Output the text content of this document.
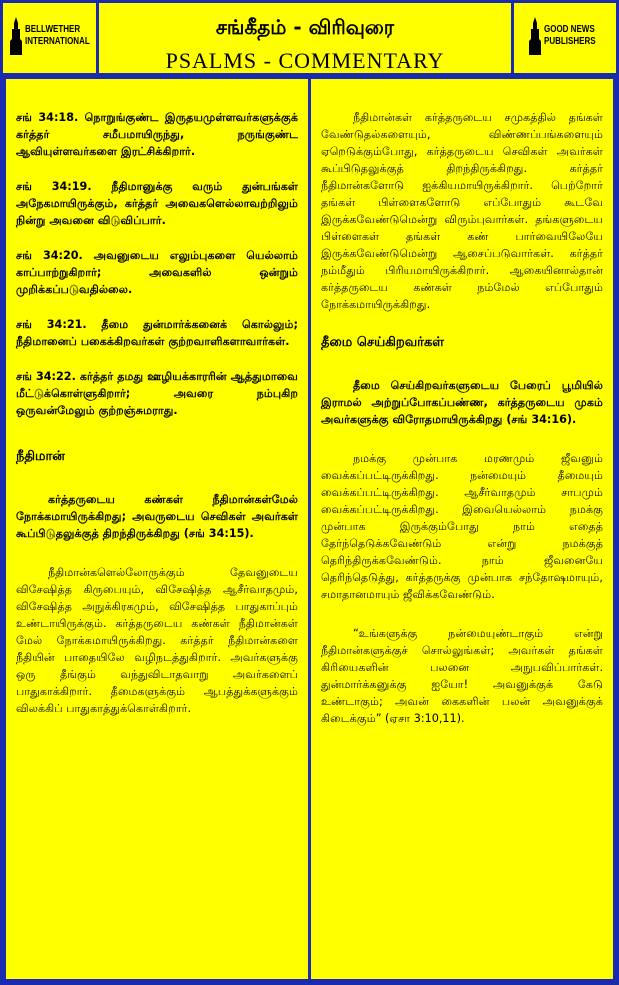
BELLWETHER
INTERNATIONAL
சங்கீதம் - விரிவுரை
PSALMS - COMMENTARY
GOOD NEWS
PUBLISHERS

சங் 34:18. நொறுங்குண்ட இருதயமுள்ளவர்களுக்குக் கர்த்தர் சமீபமாயிருந்து, நருங்குண்ட ஆவியுள்ளவர்களை இரட்சிக்கிறார்.

சங் 34:19. நீதிமானுக்கு வரும் துன்பங்கள் அநேகமாயிருக்கும், கர்த்தர் அவைகளெல்லாவற்றிலும் நின்று அவனை விடுவிப்பார்.

சங் 34:20. அவனுடைய எலும்புகளை யெல்லாம் காப்பாற்றுகிறார்; அவைகளில் ஒன்றும் முறிக்கப்படுவதில்லை.

சங் 34:21. தீமை துன்மார்க்கனைக் கொல்லும்; நீதிமானைப் பகைக்கிறவர்கள் குற்றவாளிகளாவார்கள்.

சங் 34:22. கர்த்தர் தமது ஊழியக்காரரின் ஆத்துமாவை மீட்டுக்கொள்ளுகிறார்; அவரை நம்புகிற ஒருவன்மேலும் குற்றஞ்சுமராது.

நீதிமான்

கர்த்தருடைய கண்கள் நீதிமான்கள்மேல் நோக்கமாயிருக்கிறது; அவருடைய செவிகள் அவர்கள் கூப்பிடுதலுக்குத் திறந்திருக்கிறது (சங் 34:15).

நீதிமான்களெல்லோருக்கும் தேவனுடைய விசேஷித்த கிருபையும், விசேஷித்த ஆசீர்வாதமும், விசேஷித்த அநுக்கிரகமும், விசேஷித்த பாதுகாப்பும் உண்டாயிருக்கும். கர்த்தருடைய கண்கள் நீதிமான்கள் மேல் நோக்கமாயிருக்கிறது. கர்த்தர் நீதிமான்களை நீதியின் பாதையிலே வழிநடத்துகிறார். அவர்களுக்கு ஒரு தீங்கும் வந்துவிடாதவாறு அவர்களைப் பாதுகாக்கிறார். தீமைகளுக்கும் ஆபத்துக்களுக்கும் விலக்கிப் பாதுகாத்துக்கொள்கிறார்.

நீதிமான்கள் கர்த்தருடைய சமுகத்தில் தங்கள் வேண்டுதல்களையும், விண்ணப்பங்களையும் ஏறெடுக்கும்போது, கர்த்தருடைய செவிகள் அவர்கள் கூப்பிடுதலுக்குத் திறந்திருக்கிறது. கர்த்தர் நீதிமான்களோடு ஐக்கியமாயிருக்கிறார். பெற்றோர் தங்கள் பிள்ளைகளோடு எப்போதும் கூடவே இருக்கவேண்டுமென்று விரும்புவார்கள். தங்களுடைய பிள்ளைகள் தங்கள் கண் பார்வையிலேயே இருக்கவேண்டுமென்று ஆசைப்படுவார்கள். கர்த்தர் நம்மீதும் பிரியமாயிருக்கிறார். ஆகையினால்தான் கர்த்தருடைய கண்கள் நம்மேல் எப்போதும் நோக்கமாயிருக்கிறது.

தீமை செய்கிறவர்கள்

தீமை செய்கிறவர்களுடைய பேரைப் பூமியில் இராமல் அற்றுப்போகப்பண்ண, கர்த்தருடைய முகம் அவர்களுக்கு விரோதமாயிருக்கிறது (சங் 34:16).

நமக்கு முன்பாக மரணமும் ஜீவனும் வைக்கப்பட்டிருக்கிறது. நன்மையும் தீமையும் வைக்கப்பட்டிருக்கிறது. ஆசீர்வாதமும் சாபமும் வைக்கப்பட்டிருக்கிறது. இவையெல்லாம் நமக்கு முன்பாக இருக்கும்போது நாம் எதைத் தேர்ந்தெடுக்கவேண்டும் என்று நமக்குத் தெரிந்திருக்கவேண்டும். நாம் ஜீவனையே தெரிந்தெடுத்து, கர்த்தருக்கு முன்பாக சந்தோஷமாயும், சமாதானமாயும் ஜீவிக்கவேண்டும்.

“உங்களுக்கு நன்மையுண்டாகும் என்று நீதிமான்களுக்குச் சொல்லுங்கள்; அவர்கள் தங்கள் கிரியைகளின் பலனை அநுபவிப்பார்கள். துன்மார்க்கனுக்கு ஐயோ! அவனுக்குக் கேடு உண்டாகும்; அவன் கைகளின் பலன் அவனுக்குக் கிடைக்கும்” (ஏசா 3:10,11).
